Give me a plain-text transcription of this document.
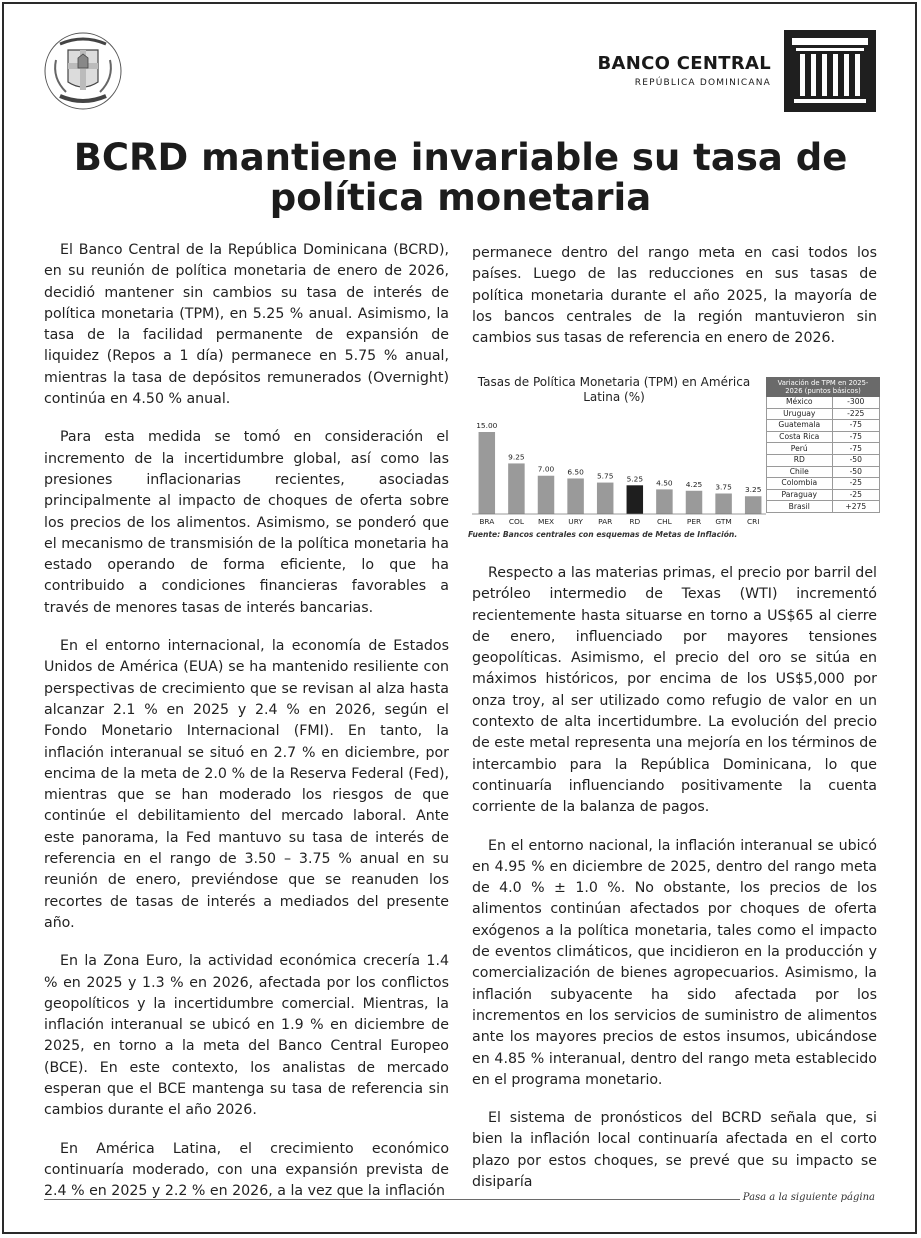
BANCO CENTRAL
REPÚBLICA DOMINICANA
BCRD mantiene invariable su tasa de política monetaria

El Banco Central de la República Dominicana (BCRD), en su reunión de política monetaria de enero de 2026, decidió mantener sin cambios su tasa de interés de política monetaria (TPM), en 5.25 % anual. Asimismo, la tasa de la facilidad permanente de expansión de liquidez (Repos a 1 día) permanece en 5.75 % anual, mientras la tasa de depósitos remunerados (Overnight) continúa en 4.50 % anual.

Para esta medida se tomó en consideración el incremento de la incertidumbre global, así como las presiones inflacionarias recientes, asociadas principalmente al impacto de choques de oferta sobre los precios de los alimentos. Asimismo, se ponderó que el mecanismo de transmisión de la política monetaria ha estado operando de forma eficiente, lo que ha contribuido a condiciones financieras favorables a través de menores tasas de interés bancarias.

En el entorno internacional, la economía de Estados Unidos de América (EUA) se ha mantenido resiliente con perspectivas de crecimiento que se revisan al alza hasta alcanzar 2.1 % en 2025 y 2.4 % en 2026, según el Fondo Monetario Internacional (FMI). En tanto, la inflación interanual se situó en 2.7 % en diciembre, por encima de la meta de 2.0 % de la Reserva Federal (Fed), mientras que se han moderado los riesgos de que continúe el debilitamiento del mercado laboral. Ante este panorama, la Fed mantuvo su tasa de interés de referencia en el rango de 3.50 – 3.75 % anual en su reunión de enero, previéndose que se reanuden los recortes de tasas de interés a mediados del presente año.

En la Zona Euro, la actividad económica crecería 1.4 % en 2025 y 1.3 % en 2026, afectada por los conflictos geopolíticos y la incertidumbre comercial. Mientras, la inflación interanual se ubicó en 1.9 % en diciembre de 2025, en torno a la meta del Banco Central Europeo (BCE). En este contexto, los analistas de mercado esperan que el BCE mantenga su tasa de referencia sin cambios durante el año 2026.

En América Latina, el crecimiento económico continuaría moderado, con una expansión prevista de 2.4 % en 2025 y 2.2 % en 2026, a la vez que la inflación

permanece dentro del rango meta en casi todos los países. Luego de las reducciones en sus tasas de política monetaria durante el año 2025, la mayoría de los bancos centrales de la región mantuvieron sin cambios sus tasas de referencia en enero de 2026.

Tasas de Política Monetaria (TPM) en América Latina (%)
15.00
BRA
9.25
COL
7.00
MEX
6.50
URY
5.75
PAR
5.25
RD
4.50
CHL
4.25
PER
3.75
GTM
3.25
CRI
Variación de TPM en 2025-2026 (puntos básicos)	
México	-300
Uruguay	-225
Guatemala	-75
Costa Rica	-75
Perú	-75
RD	-50
Chile	-50
Colombia	-25
Paraguay	-25
Brasil	+275
Fuente: Bancos centrales con esquemas de Metas de Inflación.

Respecto a las materias primas, el precio por barril del petróleo intermedio de Texas (WTI) incrementó recientemente hasta situarse en torno a US$65 al cierre de enero, influenciado por mayores tensiones geopolíticas. Asimismo, el precio del oro se sitúa en máximos históricos, por encima de los US$5,000 por onza troy, al ser utilizado como refugio de valor en un contexto de alta incertidumbre. La evolución del precio de este metal representa una mejoría en los términos de intercambio para la República Dominicana, lo que continuaría influenciando positivamente la cuenta corriente de la balanza de pagos.

En el entorno nacional, la inflación interanual se ubicó en 4.95 % en diciembre de 2025, dentro del rango meta de 4.0 % ± 1.0 %. No obstante, los precios de los alimentos continúan afectados por choques de oferta exógenos a la política monetaria, tales como el impacto de eventos climáticos, que incidieron en la producción y comercialización de bienes agropecuarios. Asimismo, la inflación subyacente ha sido afectada por los incrementos en los servicios de suministro de alimentos ante los mayores precios de estos insumos, ubicándose en 4.85 % interanual, dentro del rango meta establecido en el programa monetario.

El sistema de pronósticos del BCRD señala que, si bien la inflación local continuaría afectada en el corto plazo por estos choques, se prevé que su impacto se disiparía

Pasa a la siguiente página
